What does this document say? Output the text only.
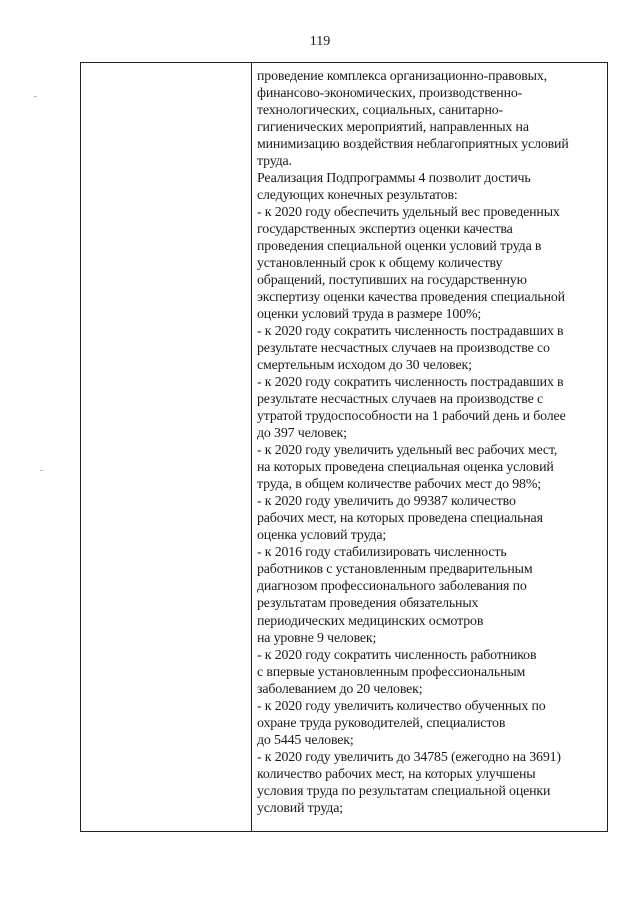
119
проведение комплекса организационно-правовых,
финансово-экономических, производственно-
технологических, социальных, санитарно-
гигиенических мероприятий, направленных на
минимизацию воздействия неблагоприятных условий
труда.
Реализация Подпрограммы 4 позволит достичь
следующих конечных результатов:
- к 2020 году обеспечить удельный вес проведенных
государственных экспертиз оценки качества
проведения специальной оценки условий труда в
установленный срок к общему количеству
обращений, поступивших на государственную
экспертизу оценки качества проведения специальной
оценки условий труда в размере 100%;
- к 2020 году сократить численность пострадавших в
результате несчастных случаев на производстве со
смертельным исходом до 30 человек;
- к 2020 году сократить численность пострадавших в
результате несчастных случаев на производстве с
утратой трудоспособности на 1 рабочий день и более
до 397 человек;
- к 2020 году увеличить удельный вес рабочих мест,
на которых проведена специальная оценка условий
труда, в общем количестве рабочих мест до 98%;
- к 2020 году увеличить до 99387 количество
рабочих мест, на которых проведена специальная
оценка условий труда;
- к 2016 году стабилизировать численность
работников с установленным предварительным
диагнозом профессионального заболевания по
результатам проведения обязательных
периодических медицинских осмотров
на уровне 9 человек;
- к 2020 году сократить численность работников
с впервые установленным профессиональным
заболеванием до 20 человек;
- к 2020 году увеличить количество обученных по
охране труда руководителей, специалистов
до 5445 человек;
- к 2020 году увеличить до 34785 (ежегодно на 3691)
количество рабочих мест, на которых улучшены
условия труда по результатам специальной оценки
условий труда;
